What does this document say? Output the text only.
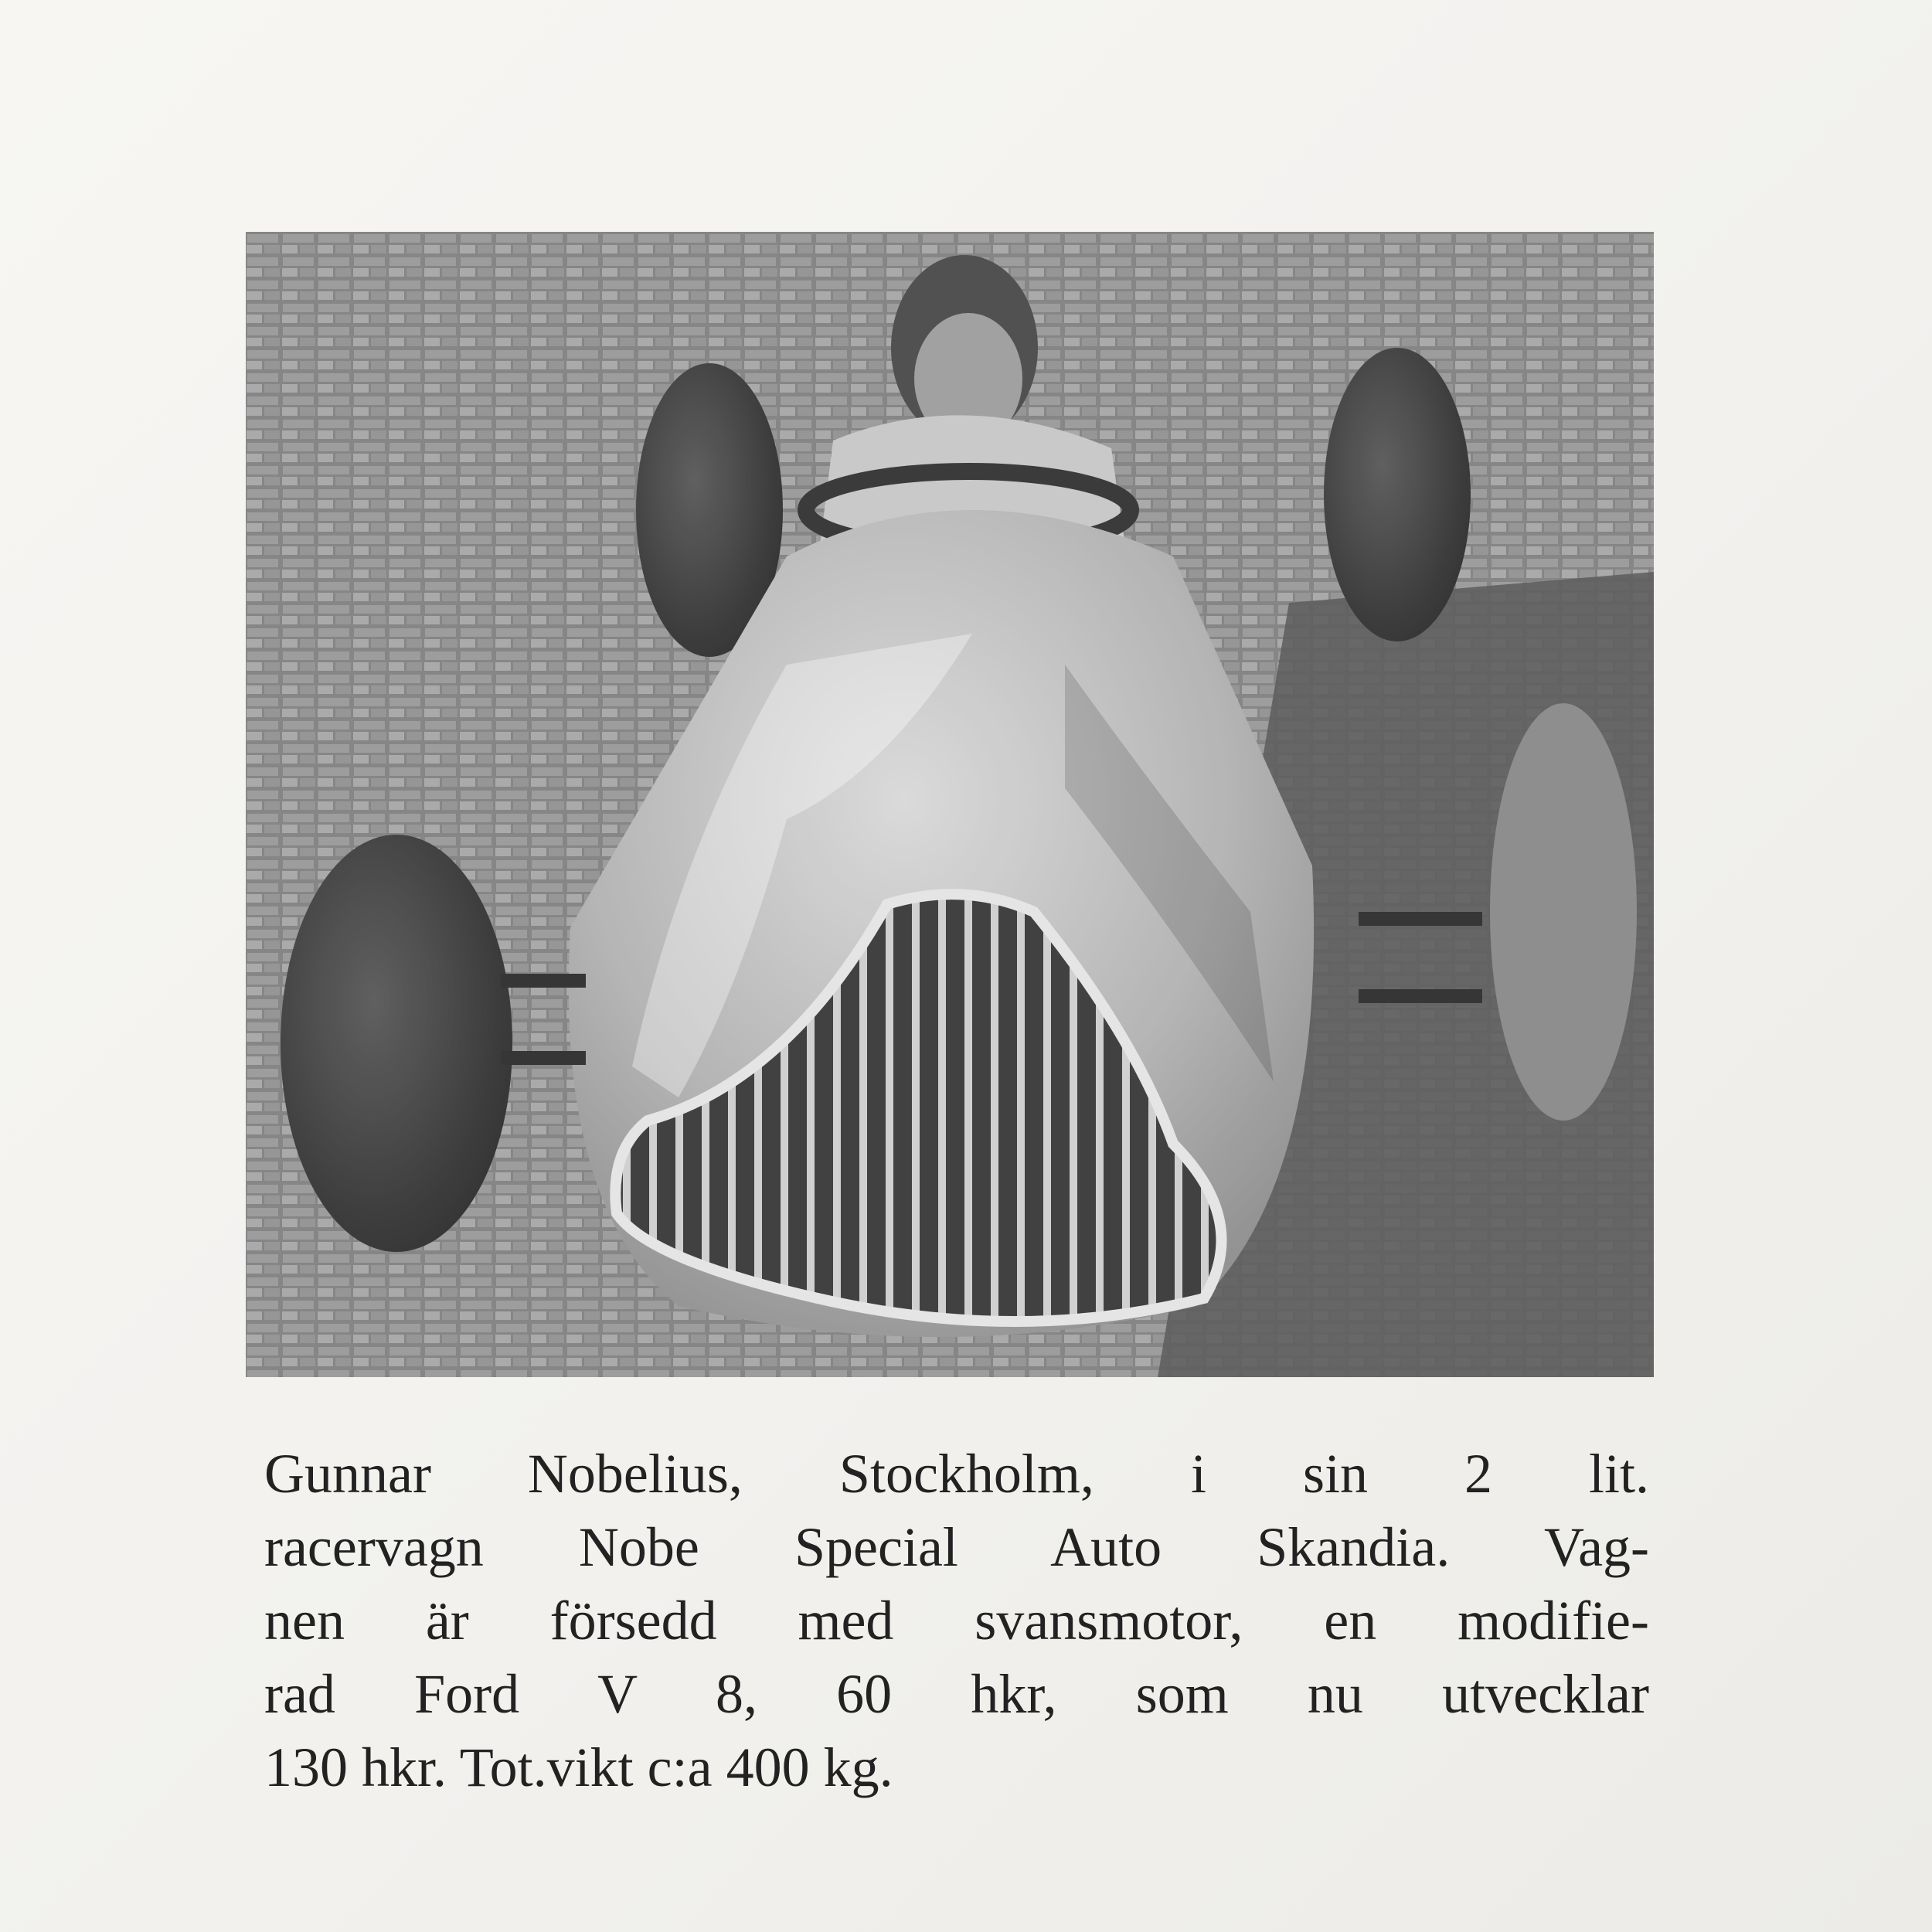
Gunnar Nobelius, Stockholm, i sin 2 lit.
racervagn Nobe Special Auto Skandia. Vag-
nen är försedd med svansmotor, en modifie-
rad Ford V 8, 60 hkr, som nu utvecklar
130 hkr. Tot.vikt c:a 400 kg.
